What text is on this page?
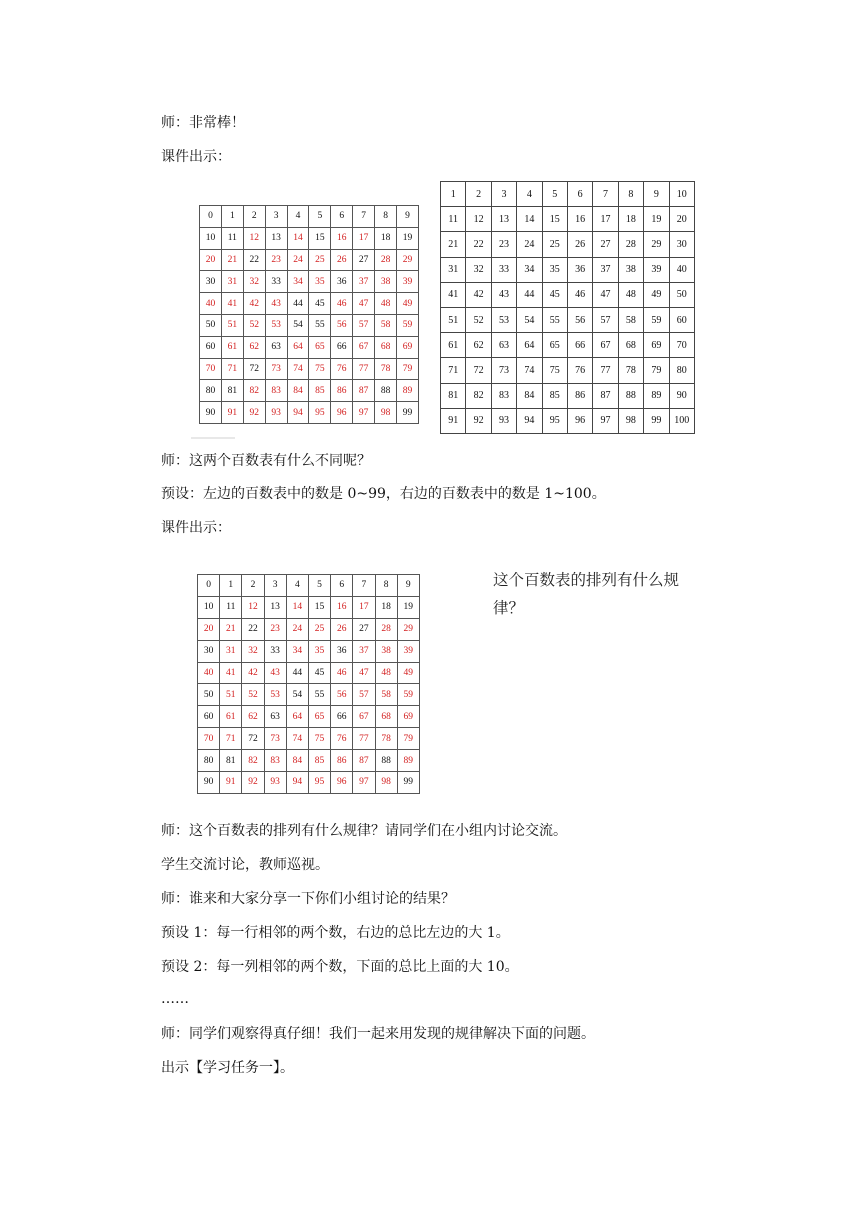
师：非常棒！
课件出示：
0	1	2	3	4	5	6	7	8	9
10	11	12	13	14	15	16	17	18	19
20	21	22	23	24	25	26	27	28	29
30	31	32	33	34	35	36	37	38	39
40	41	42	43	44	45	46	47	48	49
50	51	52	53	54	55	56	57	58	59
60	61	62	63	64	65	66	67	68	69
70	71	72	73	74	75	76	77	78	79
80	81	82	83	84	85	86	87	88	89
90	91	92	93	94	95	96	97	98	99
1	2	3	4	5	6	7	8	9	10
11	12	13	14	15	16	17	18	19	20
21	22	23	24	25	26	27	28	29	30
31	32	33	34	35	36	37	38	39	40
41	42	43	44	45	46	47	48	49	50
51	52	53	54	55	56	57	58	59	60
61	62	63	64	65	66	67	68	69	70
71	72	73	74	75	76	77	78	79	80
81	82	83	84	85	86	87	88	89	90
91	92	93	94	95	96	97	98	99	100
师：这两个百数表有什么不同呢？
预设：左边的百数表中的数是 0~99，右边的百数表中的数是 1~100。
课件出示：
0	1	2	3	4	5	6	7	8	9
10	11	12	13	14	15	16	17	18	19
20	21	22	23	24	25	26	27	28	29
30	31	32	33	34	35	36	37	38	39
40	41	42	43	44	45	46	47	48	49
50	51	52	53	54	55	56	57	58	59
60	61	62	63	64	65	66	67	68	69
70	71	72	73	74	75	76	77	78	79
80	81	82	83	84	85	86	87	88	89
90	91	92	93	94	95	96	97	98	99
这个百数表的排列有什么规律？
师：这个百数表的排列有什么规律？请同学们在小组内讨论交流。
学生交流讨论，教师巡视。
师：谁来和大家分享一下你们小组讨论的结果？
预设 1：每一行相邻的两个数，右边的总比左边的大 1。
预设 2：每一列相邻的两个数，下面的总比上面的大 10。
……
师：同学们观察得真仔细！我们一起来用发现的规律解决下面的问题。
出示【学习任务一】。
